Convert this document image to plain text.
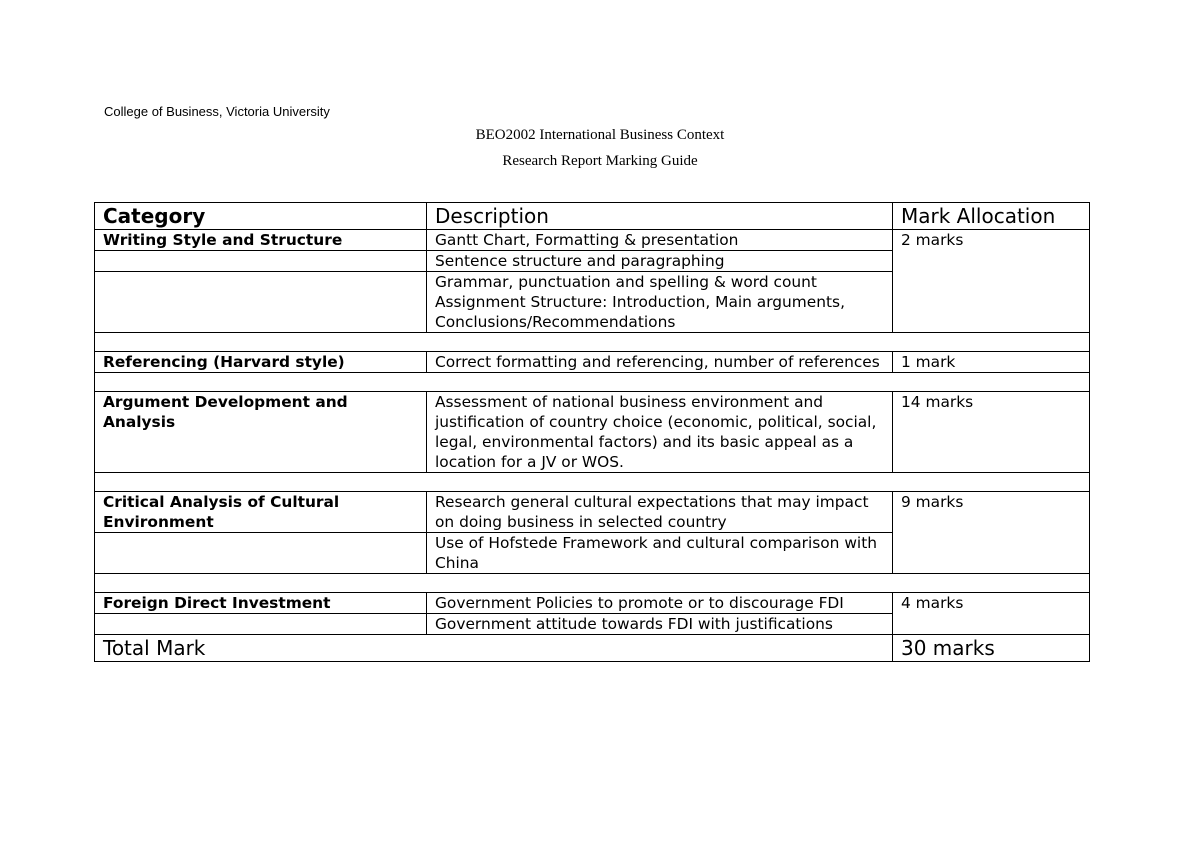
College of Business, Victoria University
BEO2002 International Business Context
Research Report Marking Guide
Category	Description	Mark Allocation
Writing Style and Structure	Gantt Chart, Formatting & presentation	2 marks
	Sentence structure and paragraphing	

	Grammar, punctuation and spelling & word count
Assignment Structure: Introduction, Main arguments, Conclusions/Recommendations	

Referencing (Harvard style)	Correct formatting and referencing, number of references	1 mark

Argument Development and Analysis	Assessment of national business environment and justification of country choice (economic, political, social, legal, environmental factors) and its basic appeal as a location for a JV or WOS.	14 marks

Critical Analysis of Cultural Environment	Research general cultural expectations that may impact on doing business in selected country	9 marks
	Use of Hofstede Framework and cultural comparison with China	

Foreign Direct Investment	Government Policies to promote or to discourage FDI	4 marks
	Government attitude towards FDI with justifications	
Total Mark		30 marks
